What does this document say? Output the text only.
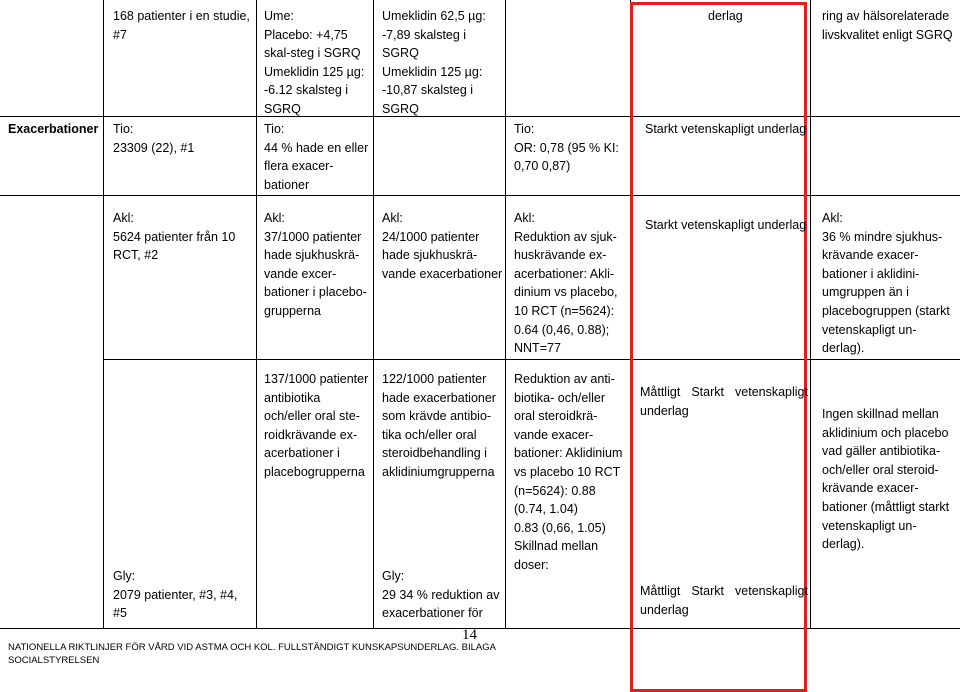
168 patienter i en studie,
#7
Ume:
Placebo: +4,75
skal-steg i SGRQ
Umeklidin 125 µg:
-6.12 skalsteg i
SGRQ
Umeklidin 62,5 µg:
-7,89 skalsteg i
SGRQ
Umeklidin 125 µg:
-10,87 skalsteg i
SGRQ
derlag	ring av hälsorelaterade
livskvalitet enligt SGRQ
Exacerbationer Tio:
23309 (22), #1
Tio:
44 % hade en eller
flera exacer-
bationer
Tio:
OR: 0,78 (95 % KI:
0,70 0,87)
Starkt vetenskapligt underlag
Akl:
5624 patienter från 10
RCT, #2
Akl:
37/1000 patienter
hade sjukhuskrä-
vande excer-
bationer i placebo-
grupperna
Akl:
24/1000 patienter
hade sjukhuskrä-
vande exacerbationer
Akl:
Reduktion av sjuk-
huskrävande ex-
acerbationer: Akli-
dinium vs placebo,
10 RCT (n=5624):
0.64 (0,46, 0.88);
NNT=77
Starkt vetenskapligt underlag Akl:
36 % mindre sjukhus-
krävande exacer-
bationer i aklidini-
umgruppen än i
placebogruppen (starkt
vetenskapligt un-
derlag).
137/1000 patienter
antibiotika
och/eller oral ste-
roidkrävande ex-
acerbationer i
placebogrupperna
122/1000 patienter
hade exacerbationer
som krävde antibio-
tika och/eller oral
steroidbehandling i
aklidiniumgrupperna
Reduktion av anti-
biotika- och/eller
oral steroidkrä-
vande exacer-
bationer: Aklidinium
vs placebo 10 RCT
(n=5624): 0.88
(0.74, 1.04)
0.83 (0,66, 1.05)
Skillnad mellan
doser:
Måttligt Starkt vetenskapligt
underlag	Ingen skillnad mellan
aklidinium och placebo
vad gäller antibiotika-
och/eller oral steroid-
krävande exacer-
bationer (måttligt starkt
vetenskapligt un-
derlag).
Gly:
2079 patienter, #3, #4,
#5
Gly:
29 34 % reduktion av
exacerbationer för
Måttligt Starkt vetenskapligt
underlag
14
NATIONELLA RIKTLINJER FÖR VÅRD VID ASTMA OCH KOL. FULLSTÄNDIGT KUNSKAPSUNDERLAG. BILAGA
SOCIALSTYRELSEN
